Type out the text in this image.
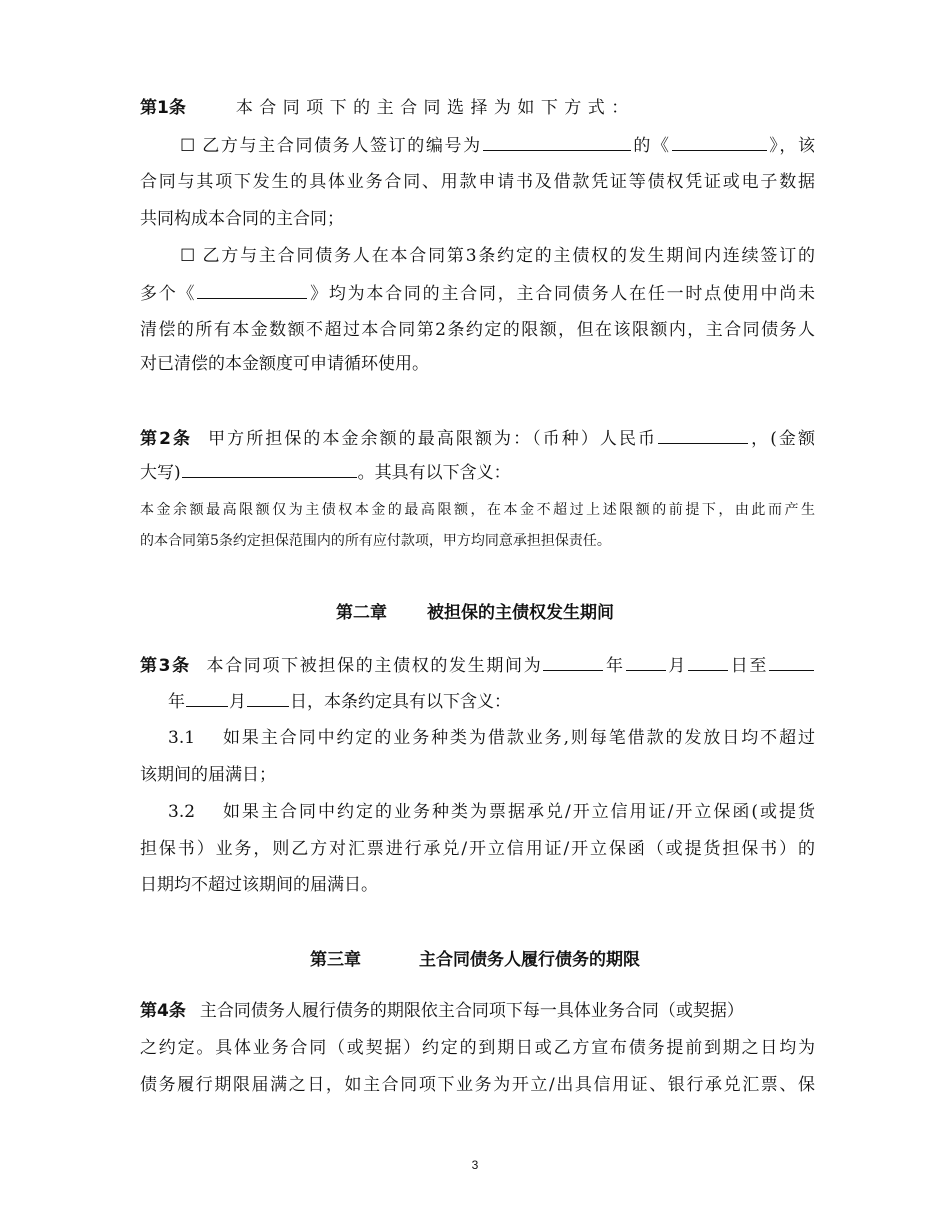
第1条	本合同项下的主合同选择为如下方式：
☐ 乙方与主合同债务人签订的编号为	的《	》，该
合同与其项下发生的具体业务合同、用款申请书及借款凭证等债权凭证或电子数据
共同构成本合同的主合同；
☐ 乙方与主合同债务人在本合同第3条约定的主债权的发生期间内连续签订的
多个《	》均为本合同的主合同，主合同债务人在任一时点使用中尚未
清偿的所有本金数额不超过本合同第2条约定的限额，但在该限额内，主合同债务人
对已清偿的本金额度可申请循环使用。
第2条 甲方所担保的本金余额的最高限额为：（币种）人民币	，(金额
大写)	。其具有以下含义：
本金余额最高限额仅为主债权本金的最高限额，在本金不超过上述限额的前提下，由此而产生
的本合同第5条约定担保范围内的所有应付款项，甲方均同意承担担保责任。
第二章 被担保的主债权发生期间
第3条 本合同项下被担保的主债权的发生期间为	年 月 日至
年	月	日，本条约定具有以下含义：
3.1 如果主合同中约定的业务种类为借款业务,则每笔借款的发放日均不超过
该期间的届满日；
3.2 如果主合同中约定的业务种类为票据承兑/开立信用证/开立保函(或提货
担保书）业务，则乙方对汇票进行承兑/开立信用证/开立保函（或提货担保书）的
日期均不超过该期间的届满日。
第三章	主合同债务人履行债务的期限
第4条 主合同债务人履行债务的期限依主合同项下每一具体业务合同（或契据）
之约定。具体业务合同（或契据）约定的到期日或乙方宣布债务提前到期之日均为
债务履行期限届满之日，如主合同项下业务为开立/出具信用证、银行承兑汇票、保
3
